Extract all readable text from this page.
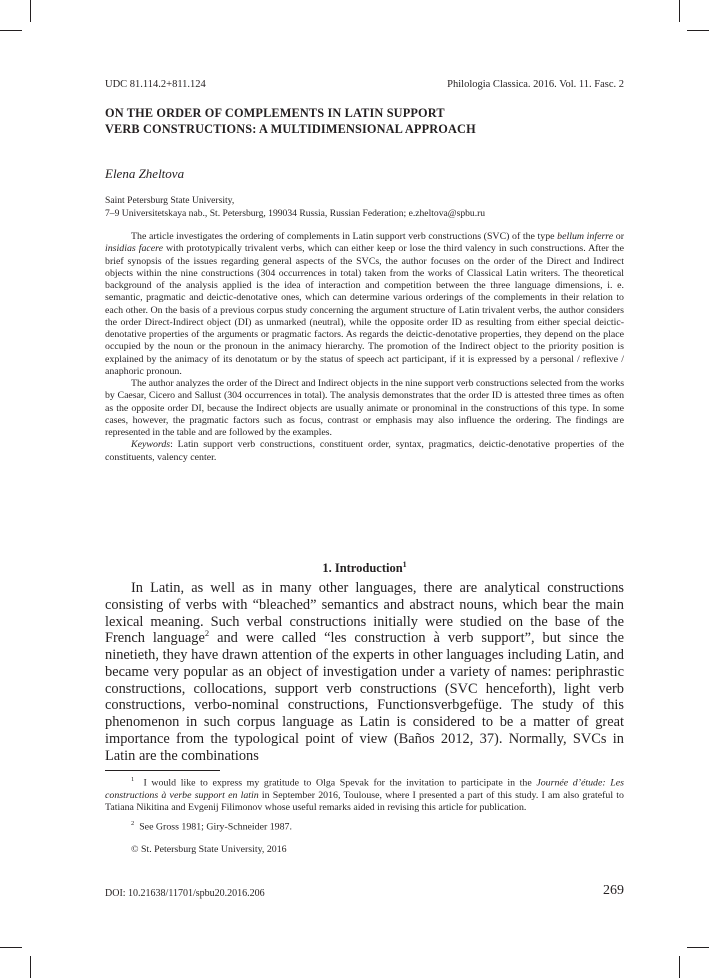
UDC 81.114.2+811.124	Philologia Classica. 2016. Vol. 11. Fasc. 2
ON THE ORDER OF COMPLEMENTS IN LATIN SUPPORT
VERB CONSTRUCTIONS: A MULTIDIMENSIONAL APPROACH
Elena Zheltova
Saint Petersburg State University,
7–9 Universitetskaya nab., St. Petersburg, 199034 Russia, Russian Federation; e.zheltova@spbu.ru

The article investigates the ordering of complements in Latin support verb constructions (SVC) of the type bellum inferre or insidias facere with prototypically trivalent verbs, which can either keep or lose the third valency in such constructions. After the brief synopsis of the issues regarding general aspects of the SVCs, the author focuses on the order of the Direct and Indirect objects within the nine constructions (304 occurrences in total) taken from the works of Classical Latin writers. The theoretical background of the analysis applied is the idea of interaction and competition between the three language dimensions, i. e. semantic, pragmatic and deictic-denotative ones, which can determine various orderings of the complements in their relation to each other. On the basis of a previous corpus study concerning the argument structure of Latin trivalent verbs, the author considers the order Direct-Indirect object (DI) as unmarked (neutral), while the opposite order ID as resulting from either special deictic-denotative properties of the arguments or pragmatic factors. As regards the deictic-denotative properties, they depend on the place occupied by the noun or the pronoun in the animacy hierarchy. The promotion of the Indirect object to the priority position is explained by the animacy of its denotatum or by the status of speech act participant, if it is expressed by a personal / reflexive / anaphoric pronoun.

The author analyzes the order of the Direct and Indirect objects in the nine support verb constructions selected from the works by Caesar, Cicero and Sallust (304 occurrences in total). The analysis demonstrates that the order ID is attested three times as often as the opposite order DI, because the Indirect objects are usually animate or pronominal in the constructions of this type. In some cases, however, the pragmatic factors such as focus, contrast or emphasis may also influence the ordering. The findings are represented in the table and are followed by the examples.

Keywords: Latin support verb constructions, constituent order, syntax, pragmatics, deictic-denotative properties of the constituents, valency center.

1. Introduction$^1$

In Latin, as well as in many other languages, there are analytical constructions consisting of verbs with “bleached” semantics and abstract nouns, which bear the main lexical meaning. Such verbal constructions initially were studied on the base of the French language$^2$ and were called “les construction à verb support”, but since the ninetieth, they have drawn attention of the experts in other languages including Latin, and became very popular as an object of investigation under a variety of names: periphrastic constructions, collocations, support verb constructions (SVC henceforth), light verb constructions, verbo-nominal constructions, Functionsverbgefüge. The study of this phenomenon in such corpus language as Latin is considered to be a matter of great importance from the typological point of view (Baños 2012, 37). Normally, SVCs in Latin are the combinations

$^1$ I would like to express my gratitude to Olga Spevak for the invitation to participate in the Journée d’étude: Les constructions à verbe support en latin in September 2016, Toulouse, where I presented a part of this study. I am also grateful to Tatiana Nikitina and Evgenij Filimonov whose useful remarks aided in revising this article for publication.

$^2$ See Gross 1981; Giry-Schneider 1987.

© St. Petersburg State University, 2016

DOI: 10.21638/11701/spbu20.2016.206	269
